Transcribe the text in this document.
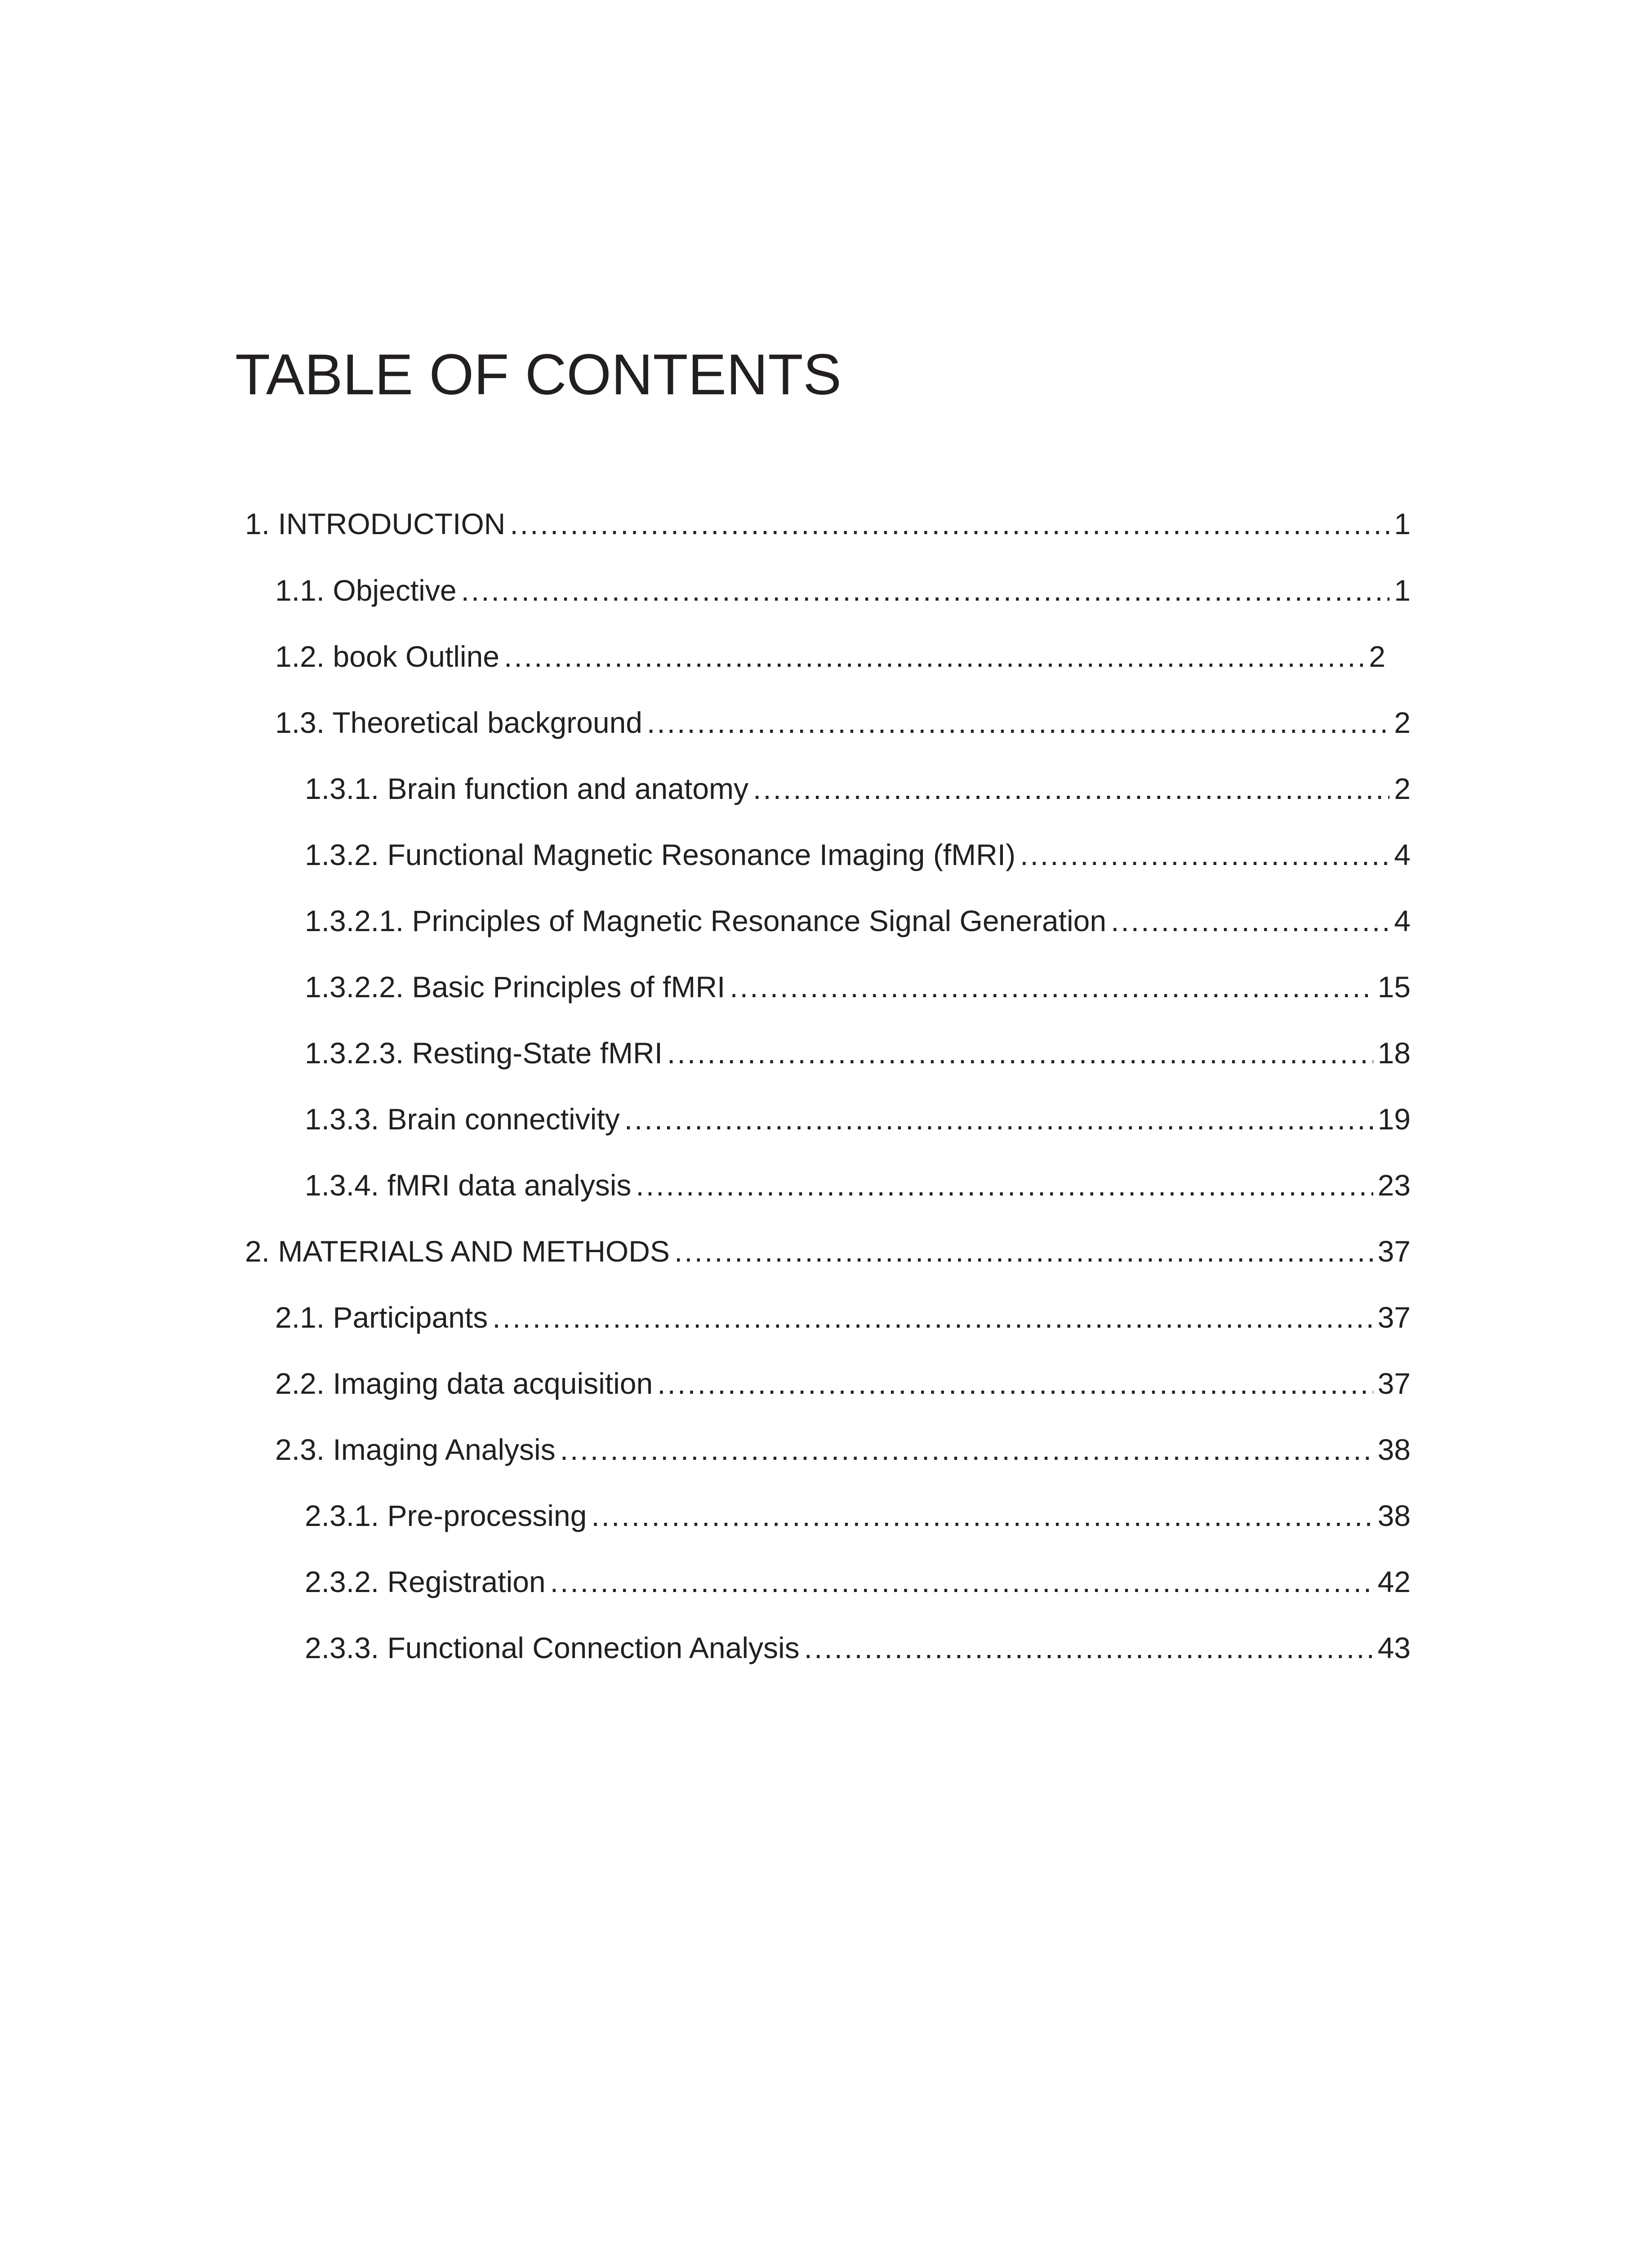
TABLE OF CONTENTS
1. INTRODUCTION .....	1
1.1. Objective .....	1
1.2. book Outline .....	2
1.3. Theoretical background .....	2
1.3.1. Brain function and anatomy .....	2
1.3.2. Functional Magnetic Resonance Imaging (fMRI) .....	4
1.3.2.1. Principles of Magnetic Resonance Signal Generation .....	4
1.3.2.2. Basic Principles of fMRI .....	15
1.3.2.3. Resting-State fMRI .....	18
1.3.3. Brain connectivity .....	19
1.3.4. fMRI data analysis .....	23
2. MATERIALS AND METHODS .....	37
2.1. Participants .....	37
2.2. Imaging data acquisition .....	37
2.3. Imaging Analysis .....	38
2.3.1. Pre-processing .....	38
2.3.2. Registration .....	42
2.3.3. Functional Connection Analysis .....	43
